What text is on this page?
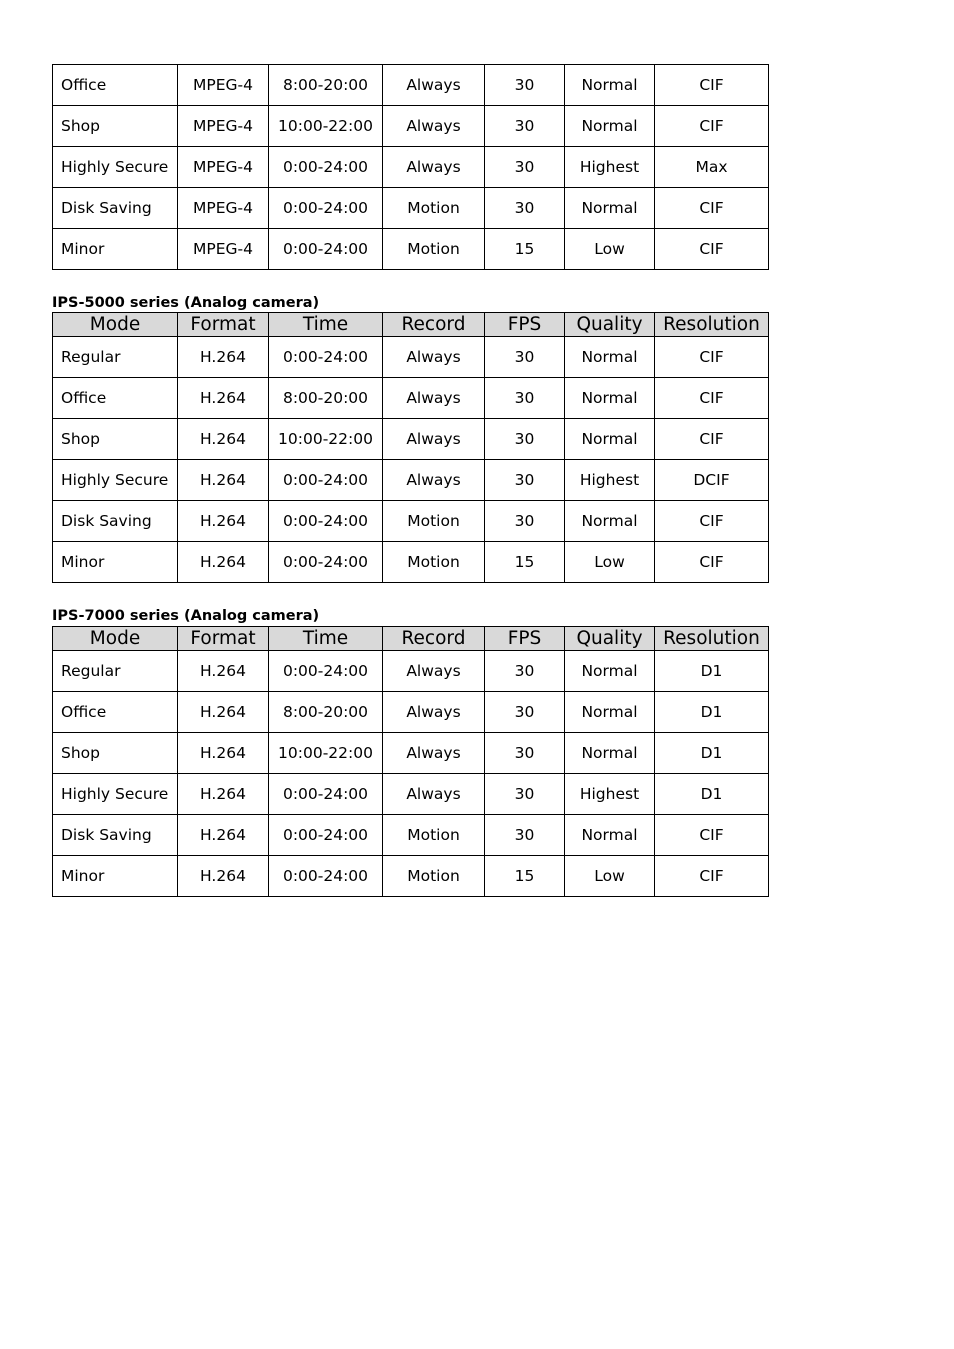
Office	MPEG-4	8:00-20:00	Always	30	Normal	CIF
Shop	MPEG-4	10:00-22:00	Always	30	Normal	CIF
Highly Secure	MPEG-4	0:00-24:00	Always	30	Highest	Max
Disk Saving	MPEG-4	0:00-24:00	Motion	30	Normal	CIF
Minor	MPEG-4	0:00-24:00	Motion	15	Low	CIF

IPS-5000 series (Analog camera)

Mode	Format	Time	Record	FPS	Quality	Resolution
Regular	H.264	0:00-24:00	Always	30	Normal	CIF
Office	H.264	8:00-20:00	Always	30	Normal	CIF
Shop	H.264	10:00-22:00	Always	30	Normal	CIF
Highly Secure	H.264	0:00-24:00	Always	30	Highest	DCIF
Disk Saving	H.264	0:00-24:00	Motion	30	Normal	CIF
Minor	H.264	0:00-24:00	Motion	15	Low	CIF

IPS-7000 series (Analog camera)

Mode	Format	Time	Record	FPS	Quality	Resolution
Regular	H.264	0:00-24:00	Always	30	Normal	D1
Office	H.264	8:00-20:00	Always	30	Normal	D1
Shop	H.264	10:00-22:00	Always	30	Normal	D1
Highly Secure	H.264	0:00-24:00	Always	30	Highest	D1
Disk Saving	H.264	0:00-24:00	Motion	30	Normal	CIF
Minor	H.264	0:00-24:00	Motion	15	Low	CIF
